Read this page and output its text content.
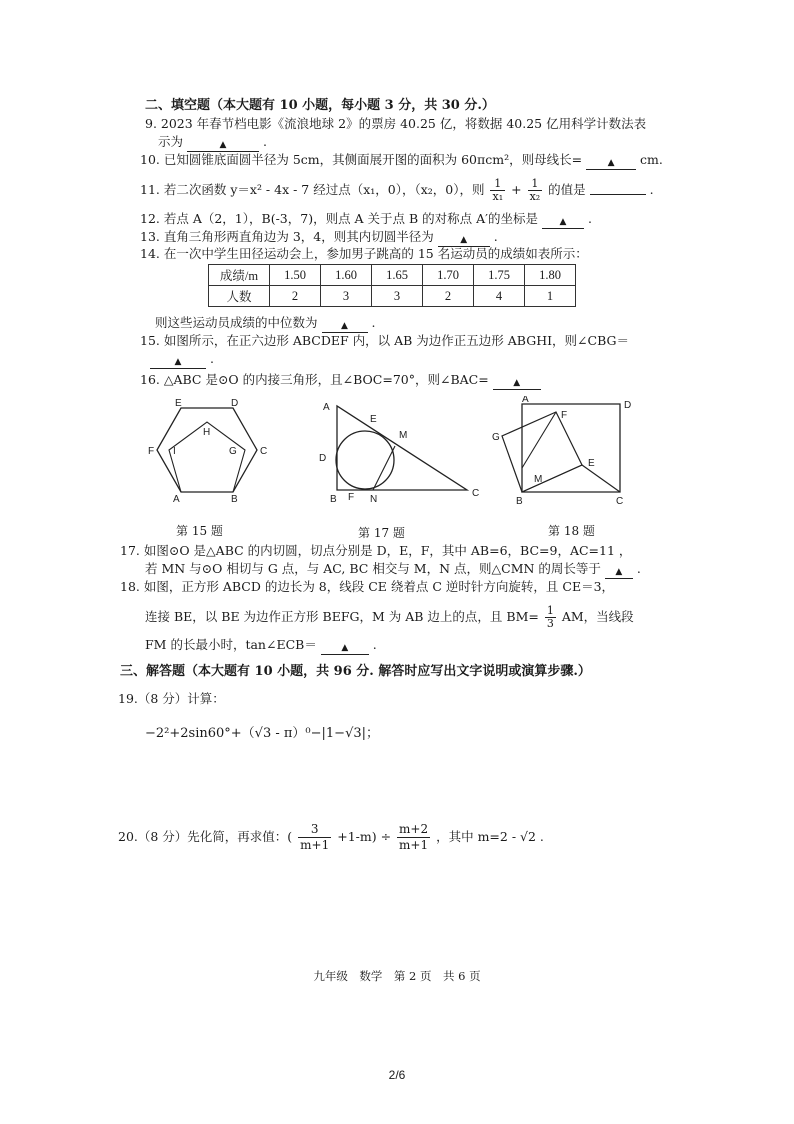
二、填空题（本大题有 10 小题，每小题 3 分，共 30 分.）
9. 2023 年春节档电影《流浪地球 2》的票房 40.25 亿，将数据 40.25 亿用科学计数法表
示为	▲	.
10. 已知圆锥底面圆半径为 5cm，其侧面展开图的面积为 60πcm²，则母线长=	▲ cm.
11. 若二次函数 y＝x² - 4x - 7 经过点（x₁，0），（x₂，0），则 $\frac{1}{\text{x₁}} + \frac{1}{\text{x₂}}$ 的值是	.
12. 若点 A（2，1），B(-3，7)，则点 A 关于点 B 的对称点 A′的坐标是 ▲ .
13. 直角三角形两直角边为 3，4，则其内切圆半径为	▲ .
14. 在一次中学生田径运动会上，参加男子跳高的 15 名运动员的成绩如表所示：
成绩/m	1.50	1.60	1.65	1.70	1.75	1.80
人数	2	3	3	2	4	1
则这些运动员成绩的中位数为	▲ .
15. 如图所示，在正六边形 ABCDEF 内，以 AB 为边作正五边形 ABGHI，则∠CBG＝
▲ .
16. △ABC 是⊙O 的内接三角形，且∠BOC=70°，则∠BAC=	▲
E	D
F	C
A	B
H
I	G
第 15 题
A
E
M
D
B F N
C
第 17 题
A
D
F
G
E
M
B	C
第 18 题
17. 如图⊙O 是△ABC 的内切圆，切点分别是 D，E，F，其中 AB=6，BC=9，AC=11 ，
若 MN 与⊙O 相切与 G 点，与 AC, BC 相交与 M，N 点，则△CMN 的周长等于 ▲ .
18. 如图，正方形 ABCD 的边长为 8，线段 CE 绕着点 C 逆时针方向旋转，且 CE＝3，
连接 BE，以 BE 为边作正方形 BEFG，M 为 AB 边上的点，且 $BM= \frac{1}{3}$ AM，当线段
FM 的长最小时，tan∠ECB＝	▲ .
三、解答题（本大题有 10 小题，共 96 分. 解答时应写出文字说明或演算步骤.）
19.（8 分）计算：
−2²+2sin60°+（√3 - π）⁰−|1−√3|；
20.（8 分）先化简，再求值：( $\frac{3}{m+1} +1-m) \div \frac{m+2}{m+1}$ ，其中 m=2 - √2 .
九年级　数学　第 2 页　共 6 页
2/6
